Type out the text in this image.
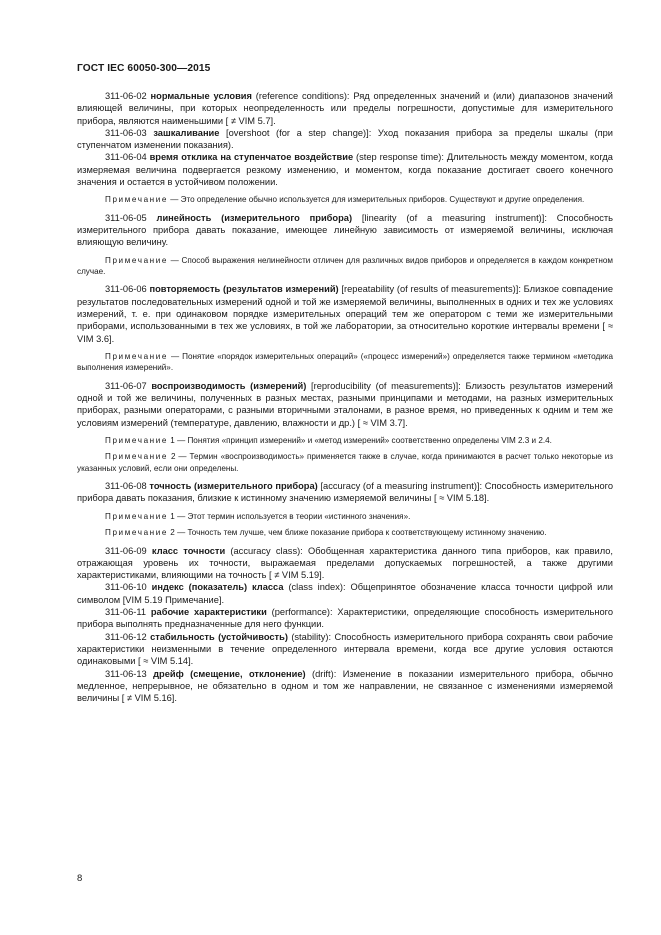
ГОСТ IEC 60050-300—2015

311-06-02 нормальные условия (reference conditions): Ряд определенных значений и (или) диапазонов значений влияющей величины, при которых неопределенность или пределы погрешности, допустимые для измерительного прибора, являются наименьшими [ ≠ VIM 5.7].

311-06-03 зашкаливание [overshoot (for a step change)]: Уход показания прибора за пределы шкалы (при ступенчатом изменении показания).

311-06-04 время отклика на ступенчатое воздействие (step response time): Длительность между моментом, когда измеряемая величина подвергается резкому изменению, и моментом, когда показание достигает своего конечного значения и остается в устойчивом положении.

Примечание — Это определение обычно используется для измерительных приборов. Существуют и другие определения.

311-06-05 линейность (измерительного прибора) [linearity (of a measuring instrument)]: Способность измерительного прибора давать показание, имеющее линейную зависимость от измеряемой величины, исключая влияющую величину.

Примечание — Способ выражения нелинейности отличен для различных видов приборов и определяется в каждом конкретном случае.

311-06-06 повторяемость (результатов измерений) [repeatability (of results of measurements)]: Близкое совпадение результатов последовательных измерений одной и той же измеряемой величины, выполненных в одних и тех же условиях измерений, т. е. при одинаковом порядке измерительных операций тем же оператором с теми же измерительными приборами, использованными в тех же условиях, в той же лаборатории, за относительно короткие интервалы времени [ ≈ VIM 3.6].

Примечание — Понятие «порядок измерительных операций» («процесс измерений») определяется также термином «методика выполнения измерений».

311-06-07 воспроизводимость (измерений) [reproducibility (of measurements)]: Близость результатов измерений одной и той же величины, полученных в разных местах, разными принципами и методами, на разных измерительных приборах, разными операторами, с разными вторичными эталонами, в разное время, но приведенных к одним и тем же условиям измерений (температуре, давлению, влажности и др.) [ ≈ VIM 3.7].

Примечание 1 — Понятия «принцип измерений» и «метод измерений» соответственно определены VIM 2.3 и 2.4.

Примечание 2 — Термин «воспроизводимость» применяется также в случае, когда принимаются в расчет только некоторые из указанных условий, если они определены.

311-06-08 точность (измерительного прибора) [accuracy (of a measuring instrument)]: Способность измерительного прибора давать показания, близкие к истинному значению измеряемой величины [ ≈ VIM 5.18].

Примечание 1 — Этот термин используется в теории «истинного значения».

Примечание 2 — Точность тем лучше, чем ближе показание прибора к соответствующему истинному значению.

311-06-09 класс точности (accuracy class): Обобщенная характеристика данного типа приборов, как правило, отражающая уровень их точности, выражаемая пределами допускаемых погрешностей, а также другими характеристиками, влияющими на точность [ ≠ VIM 5.19].

311-06-10 индекс (показатель) класса (class index): Общепринятое обозначение класса точности цифрой или символом [VIM 5.19 Примечание].

311-06-11 рабочие характеристики (performance): Характеристики, определяющие способность измерительного прибора выполнять предназначенные для него функции.

311-06-12 стабильность (устойчивость) (stability): Способность измерительного прибора сохранять свои рабочие характеристики неизменными в течение определенного интервала времени, когда все другие условия остаются одинаковыми [ ≈ VIM 5.14].

311-06-13 дрейф (смещение, отклонение) (drift): Изменение в показании измерительного прибора, обычно медленное, непрерывное, не обязательно в одном и том же направлении, не связанное с изменениями измеряемой величины [ ≠ VIM 5.16].

8
